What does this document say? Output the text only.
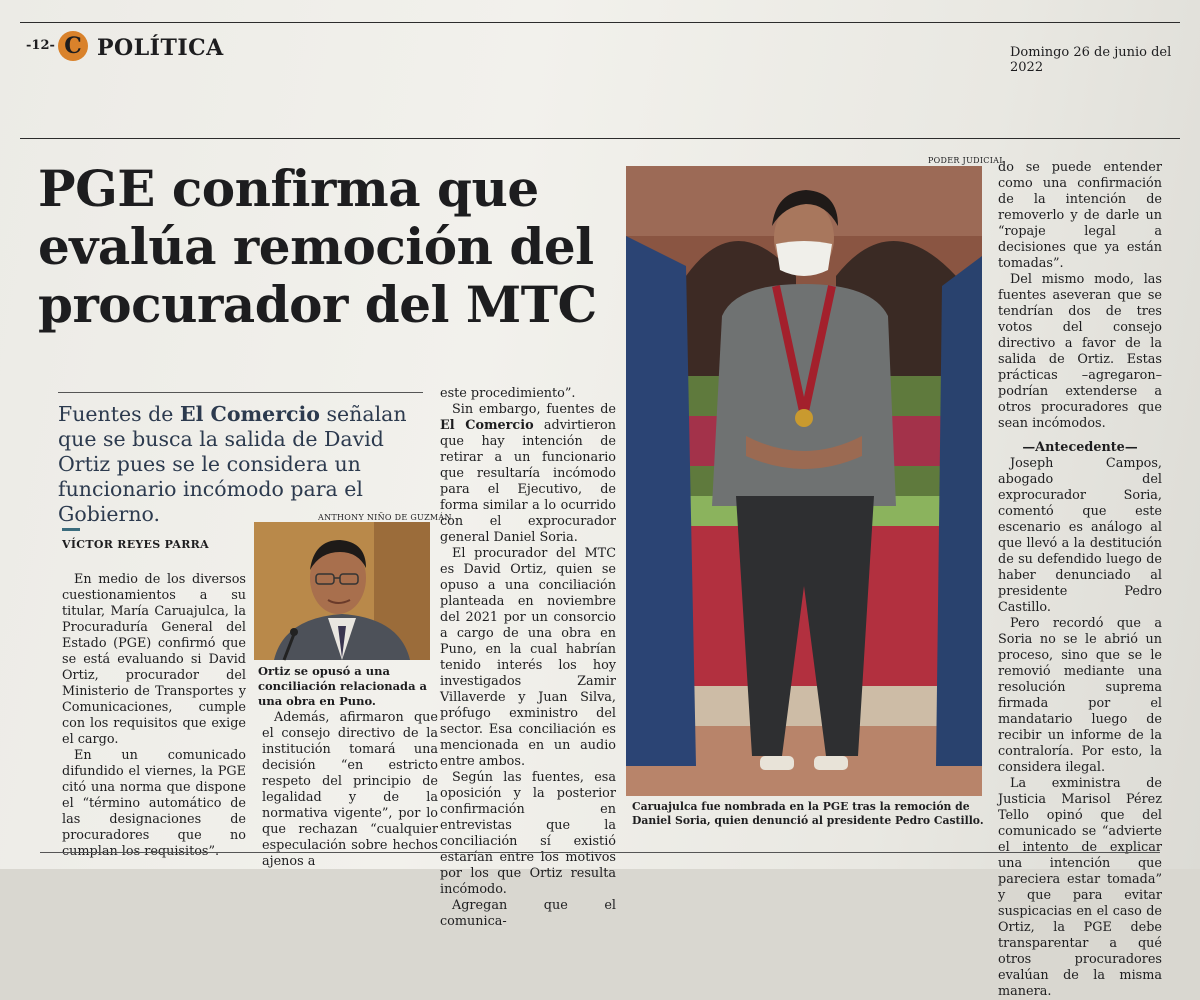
-12- C POLÍTICA	Domingo 26 de junio del 2022
PGE confirma que
evalúa remoción del
procurador del MTC
Fuentes de El Comercio señalan que se busca la salida de David Ortiz pues se le considera un funcionario incómodo para el Gobierno.
VÍCTOR REYES PARRA

En medio de los diversos cuestionamientos a su titular, María Caruajulca, la Procuraduría General del Estado (PGE) confirmó que se está evaluando si David Ortiz, procurador del Ministerio de Transportes y Comunicaciones, cumple con los requisitos que exige el cargo.

En un comunicado difundido el viernes, la PGE citó una norma que dispone el “término automático de las designaciones de procuradores que no cumplan los requisitos”.

ANTHONY NIÑO DE GUZMÁN
Ortiz se opusó a una conciliación relacionada a una obra en Puno.

Además, afirmaron que el consejo directivo de la institución tomará una decisión “en estricto respeto del principio de legalidad y de la normativa vigente”, por lo que rechazan “cualquier especulación sobre hechos ajenos a

este procedimiento”.

Sin embargo, fuentes de El Comercio advirtieron que hay intención de retirar a un funcionario que resultaría incómodo para el Ejecutivo, de forma similar a lo ocurrido con el exprocurador general Daniel Soria.

El procurador del MTC es David Ortiz, quien se opuso a una conciliación planteada en noviembre del 2021 por un consorcio a cargo de una obra en Puno, en la cual habrían tenido interés los hoy investigados Zamir Villaverde y Juan Silva, prófugo exministro del sector. Esa conciliación es mencionada en un audio entre ambos.

Según las fuentes, esa oposición y la posterior confirmación en entrevistas que la conciliación sí existió estarían entre los motivos por los que Ortiz resulta incómodo.

Agregan que el comunica-

PODER JUDICIAL
Caruajulca fue nombrada en la PGE tras la remoción de Daniel Soria, quien denunció al presidente Pedro Castillo.

do se puede entender como una confirmación de la intención de removerlo y de darle un “ropaje legal a decisiones que ya están tomadas”.

Del mismo modo, las fuentes aseveran que se tendrían dos de tres votos del consejo directivo a favor de la salida de Ortiz. Estas prácticas –agregaron– podrían extenderse a otros procuradores que sean incómodos.

—Antecedente—

Joseph Campos, abogado del exprocurador Soria, comentó que este escenario es análogo al que llevó a la destitución de su defendido luego de haber denunciado al presidente Pedro Castillo.

Pero recordó que a Soria no se le abrió un proceso, sino que se le removió mediante una resolución suprema firmada por el mandatario luego de recibir un informe de la contraloría. Por esto, la considera ilegal.

La exministra de Justicia Marisol Pérez Tello opinó que del comunicado se “advierte el intento de explicar una intención que pareciera estar tomada” y que para evitar suspicacias en el caso de Ortiz, la PGE debe transparentar a qué otros procuradores evalúan de la misma manera.
